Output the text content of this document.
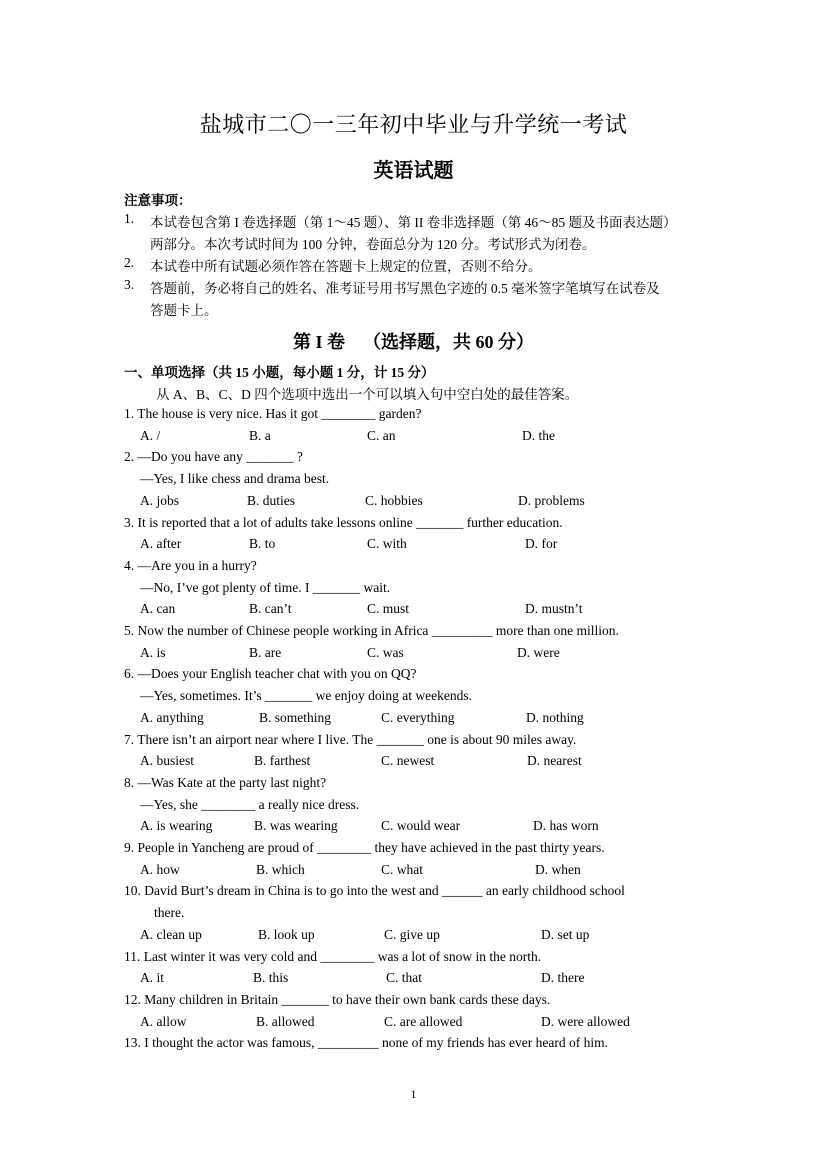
盐城市二〇一三年初中毕业与升学统一考试
英语试题
注意事项：
1. 本试卷包含第 I 卷选择题（第 1～45 题）、第 II 卷非选择题（第 46～85 题及书面表达题）
两部分。本次考试时间为 100 分钟，卷面总分为 120 分。考试形式为闭卷。
2. 本试卷中所有试题必须作答在答题卡上规定的位置，否则不给分。
3. 答题前，务必将自己的姓名、准考证号用书写黑色字迹的 0.5 毫米签字笔填写在试卷及
答题卡上。
第 I 卷 （选择题，共 60 分）
一、单项选择（共 15 小题，每小题 1 分，计 15 分）
从 A、B、C、D 四个选项中选出一个可以填入句中空白处的最佳答案。
1. The house is very nice. Has it got ________ garden?
A. /	B. a	C. an	D. the
2. —Do you have any _______ ?
—Yes, I like chess and drama best.
A. jobs	B. duties	C. hobbies	D. problems
3. It is reported that a lot of adults take lessons online _______ further education.
A. after	B. to	C. with	D. for
4. —Are you in a hurry?
—No, I’ve got plenty of time. I _______ wait.
A. can	B. can’t	C. must	D. mustn’t
5. Now the number of Chinese people working in Africa _________ more than one million.
A. is	B. are	C. was	D. were
6. —Does your English teacher chat with you on QQ?
—Yes, sometimes. It’s _______ we enjoy doing at weekends.
A. anything	B. something	C. everything	D. nothing
7. There isn’t an airport near where I live. The _______ one is about 90 miles away.
A. busiest	B. farthest	C. newest	D. nearest
8. —Was Kate at the party last night?
—Yes, she ________ a really nice dress.
A. is wearing	B. was wearing	C. would wear	D. has worn
9. People in Yancheng are proud of ________ they have achieved in the past thirty years.
A. how	B. which	C. what	D. when
10. David Burt’s dream in China is to go into the west and ______ an early childhood school
there.
A. clean up	B. look up	C. give up	D. set up
11. Last winter it was very cold and ________ was a lot of snow in the north.
A. it	B. this	C. that	D. there
12. Many children in Britain _______ to have their own bank cards these days.
A. allow	B. allowed	C. are allowed	D. were allowed
13. I thought the actor was famous, _________ none of my friends has ever heard of him.
1
